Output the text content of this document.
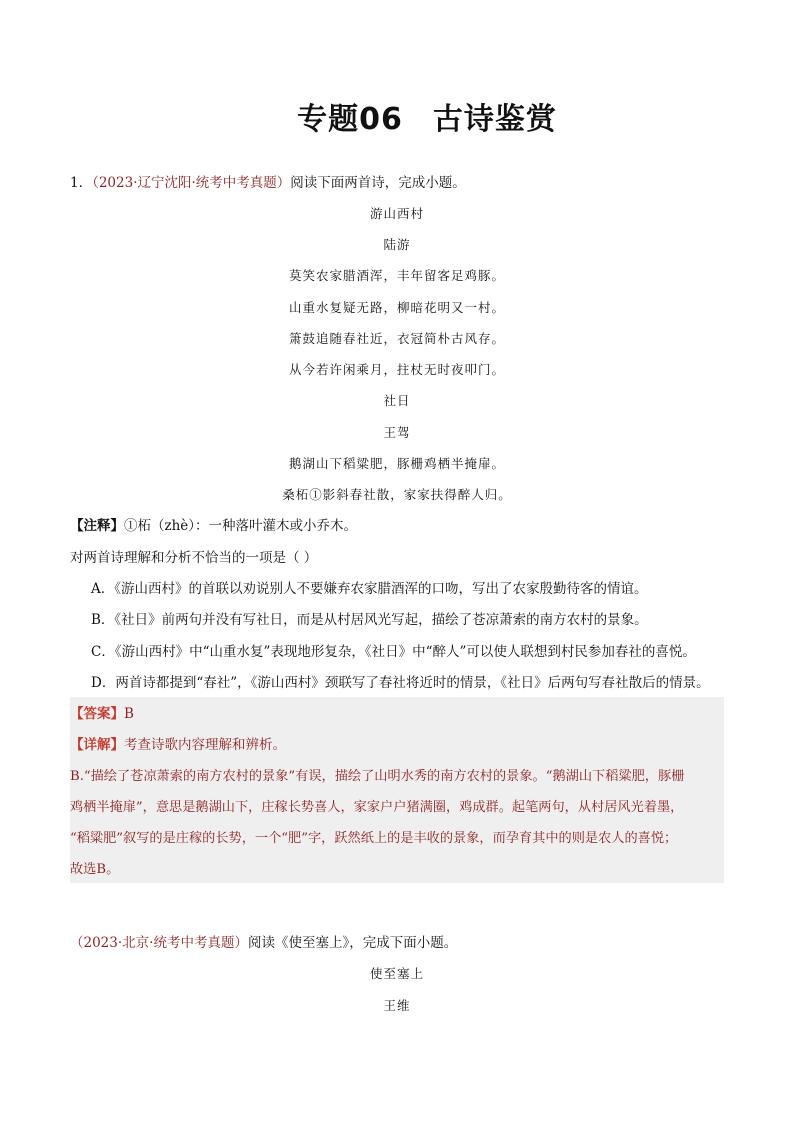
专题06 古诗鉴赏
1．（2023·辽宁沈阳·统考中考真题）阅读下面两首诗，完成小题。
游山西村
陆游
莫笑农家腊酒浑，丰年留客足鸡豚。
山重水复疑无路，柳暗花明又一村。
箫鼓追随春社近，衣冠简朴古风存。
从今若许闲乘月，拄杖无时夜叩门。
社日
王驾
鹅湖山下稻粱肥，豚栅鸡栖半掩扉。
桑柘①影斜春社散，家家扶得醉人归。
【注释】①柘（zhè）：一种落叶灌木或小乔木。
对两首诗理解和分析不恰当的一项是（ ）
A．《游山西村》的首联以劝说别人不要嫌弃农家腊酒浑的口吻，写出了农家殷勤待客的情谊。
B．《社日》前两句并没有写社日，而是从村居风光写起，描绘了苍凉萧索的南方农村的景象。
C．《游山西村》中“山重水复”表现地形复杂，《社日》中“醉人”可以使人联想到村民参加春社的喜悦。
D．两首诗都提到“春社”，《游山西村》颈联写了春社将近时的情景，《社日》后两句写春社散后的情景。
【答案】B
【详解】考查诗歌内容理解和辨析。
B.“描绘了苍凉萧索的南方农村的景象”有误，描绘了山明水秀的南方农村的景象。“鹅湖山下稻粱肥，豚栅
鸡栖半掩扉”，意思是鹅湖山下，庄稼长势喜人，家家户户猪满圈，鸡成群。起笔两句，从村居风光着墨，
“稻粱肥”叙写的是庄稼的长势，一个“肥”字，跃然纸上的是丰收的景象，而孕育其中的则是农人的喜悦；
故选B。
（2023·北京·统考中考真题）阅读《使至塞上》，完成下面小题。
使至塞上
王维
